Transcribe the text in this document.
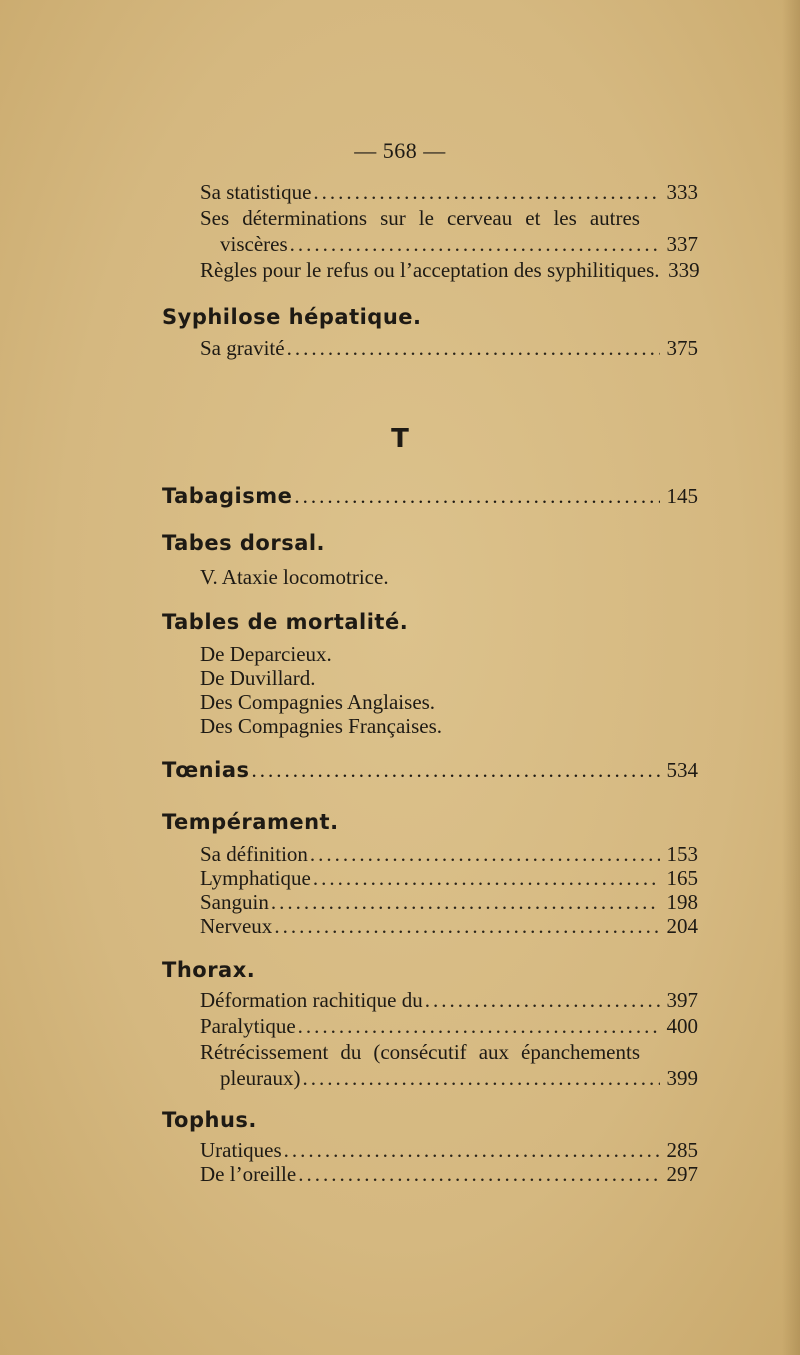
— 568 —
Sa statistique .....	333
Ses déterminations sur le cerveau et les autres
viscères .....	337
Règles pour le refus ou l’acceptation des syphilitiques. 339
Syphilose hépatique.
Sa gravité .....	375
T
Tabagisme .....	145
Tabes dorsal.
V. Ataxie locomotrice.
Tables de mortalité.
De Deparcieux.
De Duvillard.
Des Compagnies Anglaises.
Des Compagnies Françaises.
Tœnias .....	534
Tempérament.
Sa définition .....	153
Lymphatique .....	165
Sanguin .....	198
Nerveux .....	204
Thorax.
Déformation rachitique du .....	397
Paralytique .....	400
Rétrécissement du (consécutif aux épanchements
pleuraux) .....	399
Tophus.
Uratiques .....	285
De l’oreille .....	297
